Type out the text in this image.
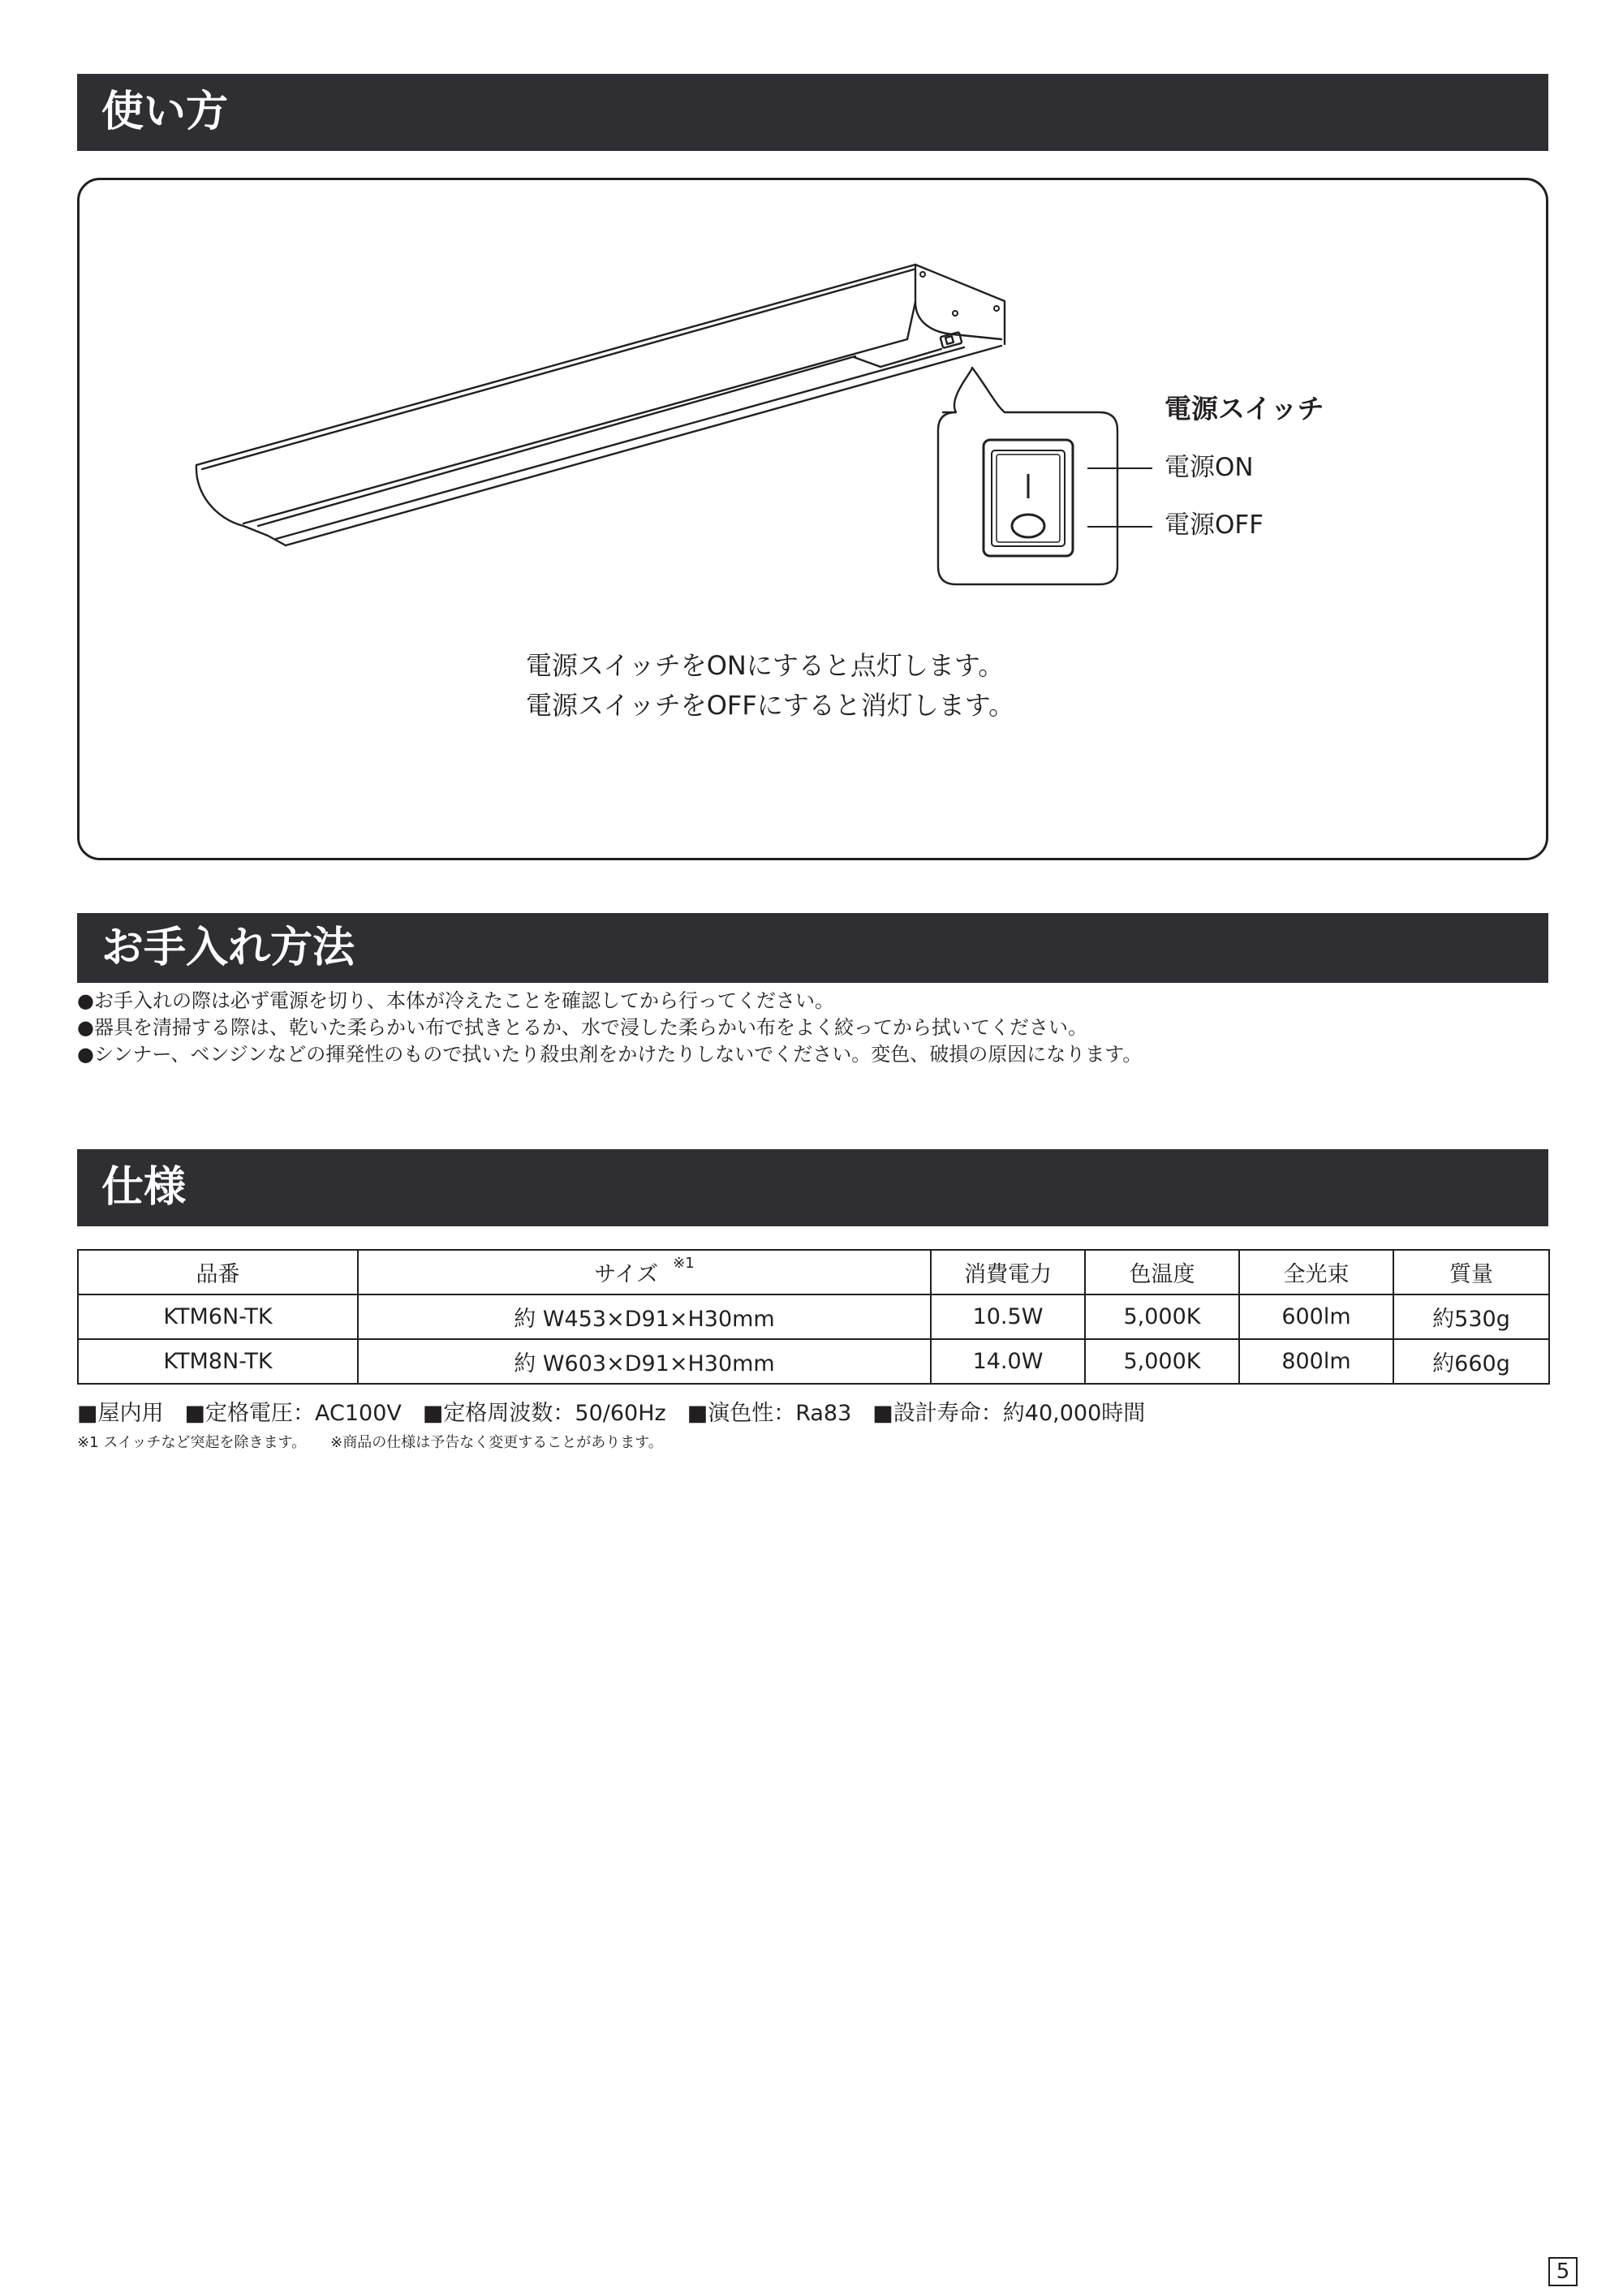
使い方
電源スイッチ
電源ON
電源OFF
電源スイッチをONにすると点灯します。
電源スイッチをOFFにすると消灯します。
お手入れ方法
● お手入れの際は必ず電源を切り、本体が冷えたことを確認してから行ってください。
● 器具を清掃する際は、乾いた柔らかい布で拭きとるか、水で浸した柔らかい布をよく絞ってから拭いてください。
● シンナー、ベンジンなどの揮発性のもので拭いたり殺虫剤をかけたりしないでください。変色、破損の原因になります。
仕様
品番	サイズ $^{※1}$	消費電力	色温度	全光束	質量
KTM6N-TK	約 W453×D91×H30mm	10.5W	5,000K	600lm	約530g
KTM8N-TK	約 W603×D91×H30mm	14.0W	5,000K	800lm	約660g
■ 屋内用 ■ 定格電圧：AC100V ■ 定格周波数：50/60Hz ■ 演色性：Ra83 ■ 設計寿命：約40,000時間
※1 スイッチなど突起を除きます。 ※商品の仕様は予告なく変更することがあります。
5
